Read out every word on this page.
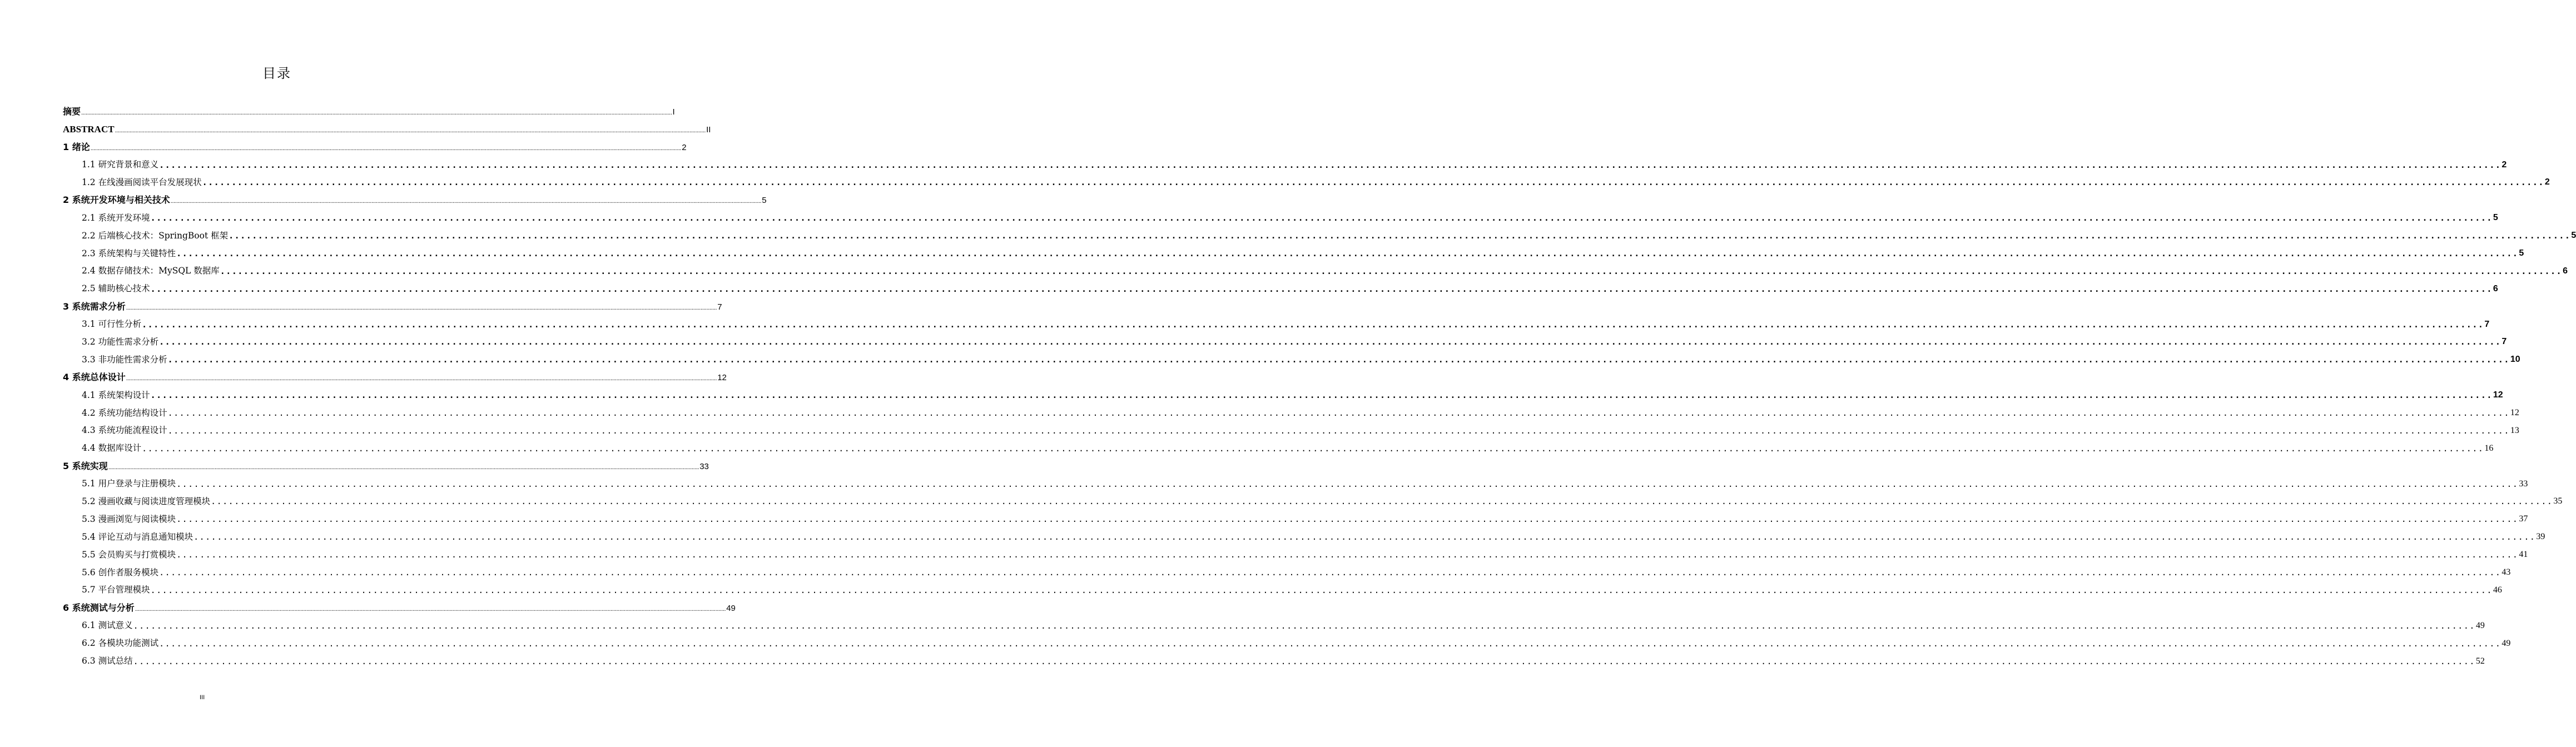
目录
摘要 ................................................................................................................................................................................................................................................................................................................................................................................................................ I
ABSTRACT ................................................................................................................................................................................................................................................................................................................................................................................................................ II
1 绪论 ................................................................................................................................................................................................................................................................................................................................................................................................................ 2
1.1 研究背景和意义 ................................................................................................................................................................................................................................................................................................................................................................................................................ 2
1.2 在线漫画阅读平台发展现状 ................................................................................................................................................................................................................................................................................................................................................................................................................ 2
2 系统开发环境与相关技术 ................................................................................................................................................................................................................................................................................................................................................................................................................ 5
2.1 系统开发环境 ................................................................................................................................................................................................................................................................................................................................................................................................................ 5
2.2 后端核心技术：SpringBoot 框架 ................................................................................................................................................................................................................................................................................................................................................................................................................ 5
2.3 系统架构与关键特性 ................................................................................................................................................................................................................................................................................................................................................................................................................ 5
2.4 数据存储技术：MySQL 数据库 ................................................................................................................................................................................................................................................................................................................................................................................................................ 6
2.5 辅助核心技术 ................................................................................................................................................................................................................................................................................................................................................................................................................ 6
3 系统需求分析 ................................................................................................................................................................................................................................................................................................................................................................................................................ 7
3.1 可行性分析 ................................................................................................................................................................................................................................................................................................................................................................................................................ 7
3.2 功能性需求分析 ................................................................................................................................................................................................................................................................................................................................................................................................................ 7
3.3 非功能性需求分析 ................................................................................................................................................................................................................................................................................................................................................................................................................ 10
4 系统总体设计 ................................................................................................................................................................................................................................................................................................................................................................................................................ 12
4.1 系统架构设计 ................................................................................................................................................................................................................................................................................................................................................................................................................ 12
4.2 系统功能结构设计 ................................................................................................................................................................................................................................................................................................................................................................................................................ 12
4.3 系统功能流程设计 ................................................................................................................................................................................................................................................................................................................................................................................................................ 13
4.4 数据库设计 ................................................................................................................................................................................................................................................................................................................................................................................................................ 16
5 系统实现 ................................................................................................................................................................................................................................................................................................................................................................................................................ 33
5.1 用户登录与注册模块 ................................................................................................................................................................................................................................................................................................................................................................................................................ 33
5.2 漫画收藏与阅读进度管理模块 ................................................................................................................................................................................................................................................................................................................................................................................................................ 35
5.3 漫画浏览与阅读模块 ................................................................................................................................................................................................................................................................................................................................................................................................................ 37
5.4 评论互动与消息通知模块 ................................................................................................................................................................................................................................................................................................................................................................................................................ 39
5.5 会员购买与打赏模块 ................................................................................................................................................................................................................................................................................................................................................................................................................ 41
5.6 创作者服务模块 ................................................................................................................................................................................................................................................................................................................................................................................................................ 43
5.7 平台管理模块 ................................................................................................................................................................................................................................................................................................................................................................................................................ 46
6 系统测试与分析 ................................................................................................................................................................................................................................................................................................................................................................................................................ 49
6.1 测试意义 ................................................................................................................................................................................................................................................................................................................................................................................................................ 49
6.2 各模块功能测试 ................................................................................................................................................................................................................................................................................................................................................................................................................ 49
6.3 测试总结 ................................................................................................................................................................................................................................................................................................................................................................................................................ 52
III
